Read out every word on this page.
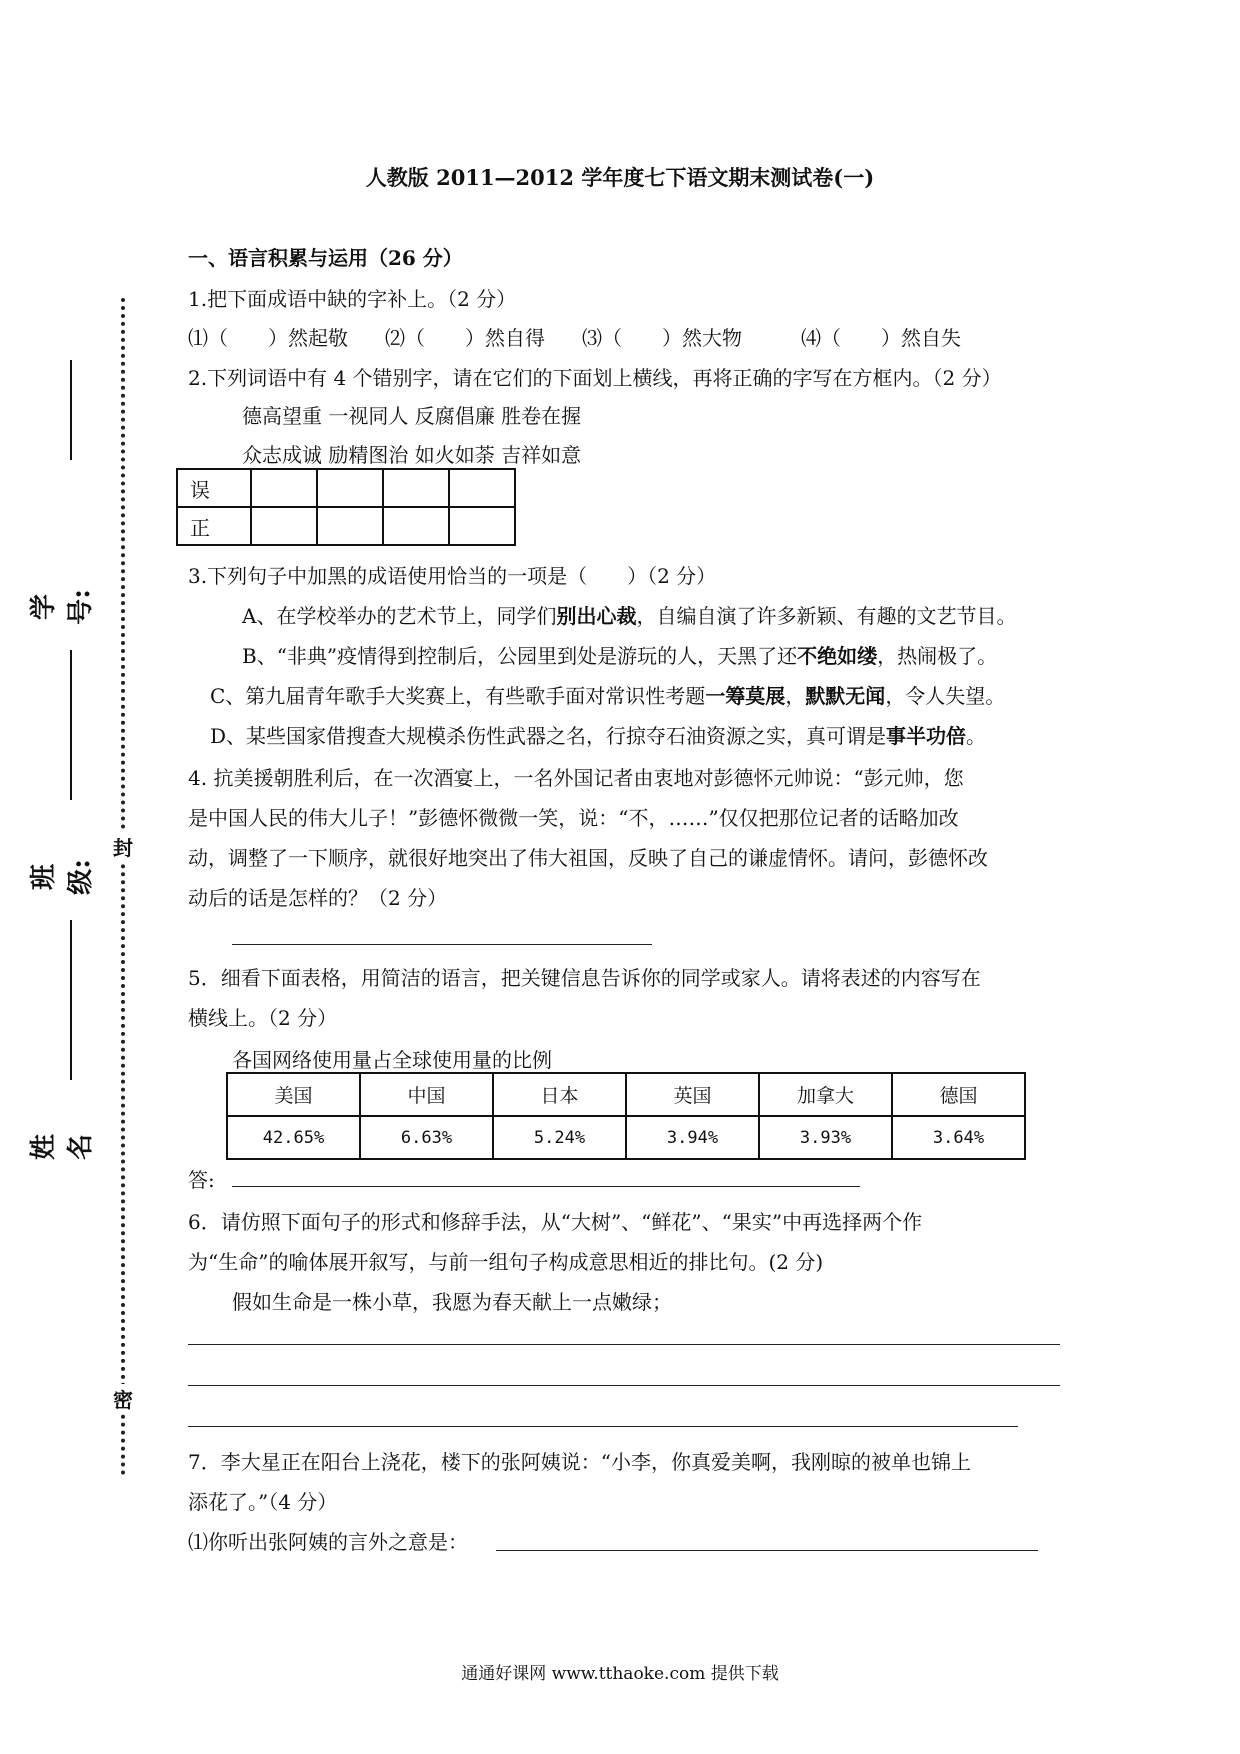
人教版 2011—2012 学年度七下语文期末测试卷(一)
封
密
学号:
班级:
姓　名
一、语言积累与运用（26 分）
1.把下面成语中缺的字补上。（2 分）
⑴（　　）然起敬 ⑵（　　）然自得 ⑶（　　）然大物	⑷（　　）然自失
2.下列词语中有 4 个错别字，请在它们的下面划上横线，再将正确的字写在方框内。（2 分）
德高望重 一视同人 反腐倡廉 胜卷在握
众志成诚 励精图治 如火如荼 吉祥如意
误				
正				
3.下列句子中加黑的成语使用恰当的一项是（　　）（2 分）
A、在学校举办的艺术节上，同学们别出心裁，自编自演了许多新颖、有趣的文艺节目。
B、“非典”疫情得到控制后，公园里到处是游玩的人，天黑了还不绝如缕，热闹极了。
C、第九届青年歌手大奖赛上，有些歌手面对常识性考题一筹莫展，默默无闻，令人失望。
D、某些国家借搜查大规模杀伤性武器之名，行掠夺石油资源之实，真可谓是事半功倍。
4. 抗美援朝胜利后，在一次酒宴上，一名外国记者由衷地对彭德怀元帅说：“彭元帅，您
是中国人民的伟大儿子！”彭德怀微微一笑，说：“不，……”仅仅把那位记者的话略加改
动，调整了一下顺序，就很好地突出了伟大祖国，反映了自己的谦虚情怀。请问，彭德怀改
动后的话是怎样的？（2 分）
5．细看下面表格，用简洁的语言，把关键信息告诉你的同学或家人。请将表述的内容写在
横线上。（2 分）
各国网络使用量占全球使用量的比例
美国	中国	日本	英国	加拿大	德国
42.65%	6.63%	5.24%	3.94%	3.93%	3.64%
答:
6．请仿照下面句子的形式和修辞手法，从“大树”、“鲜花”、“果实”中再选择两个作
为“生命”的喻体展开叙写，与前一组句子构成意思相近的排比句。(2 分)
假如生命是一株小草，我愿为春天献上一点嫩绿；
7．李大星正在阳台上浇花，楼下的张阿姨说：“小李，你真爱美啊，我刚晾的被单也锦上
添花了。”（4 分）
⑴你听出张阿姨的言外之意是：
通通好课网 www.tthaoke.com 提供下载
